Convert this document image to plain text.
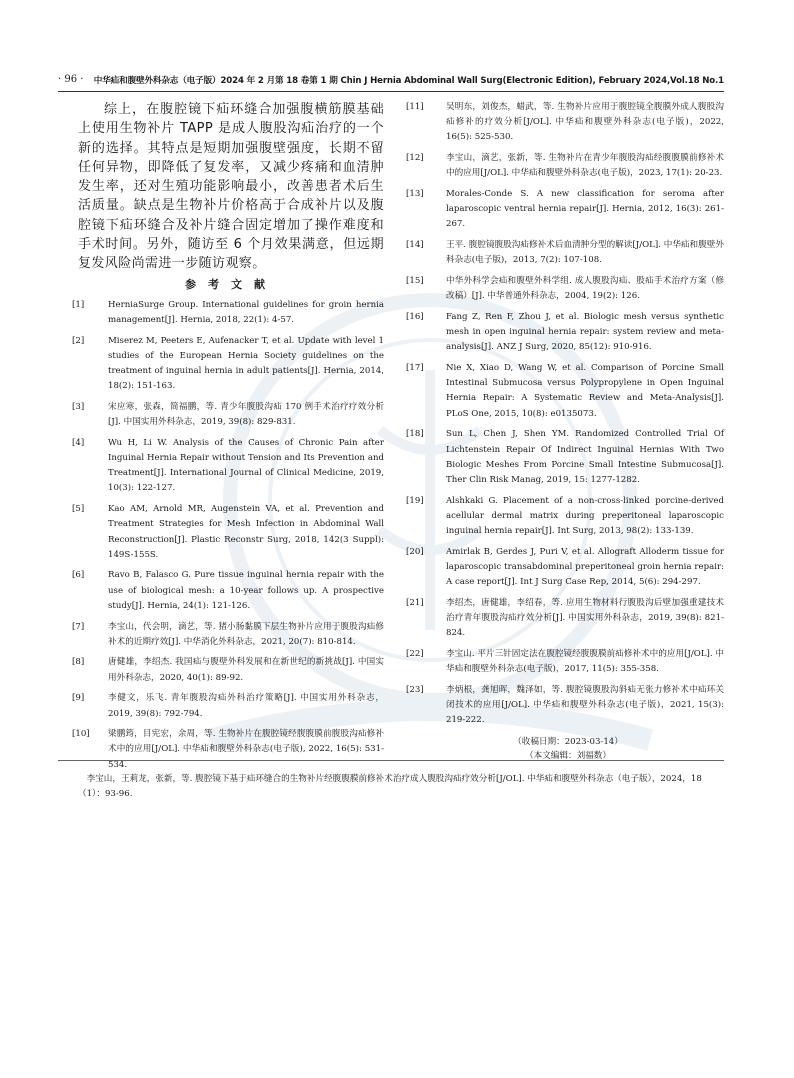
· 96 · 中华疝和腹壁外科杂志（电子版）2024 年 2 月第 18 卷第 1 期 Chin J Hernia Abdominal Wall Surg(Electronic Edition), February 2024,Vol.18 No.1

综上，在腹腔镜下疝环缝合加强腹横筋膜基础上使用生物补片 TAPP 是成人腹股沟疝治疗的一个新的选择。其特点是短期加强腹壁强度，长期不留任何异物，即降低了复发率，又减少疼痛和血清肿发生率，还对生殖功能影响最小，改善患者术后生活质量。缺点是生物补片价格高于合成补片以及腹腔镜下疝环缝合及补片缝合固定增加了操作难度和手术时间。另外，随访至 6 个月效果满意，但远期复发风险尚需进一步随访观察。

参考文献
[1]	HerniaSurge Group. International guidelines for groin hernia management[J]. Hernia, 2018, 22(1): 4-57.
[2]	Miserez M, Peeters E, Aufenacker T, et al. Update with level 1 studies of the European Hernia Society guidelines on the treatment of inguinal hernia in adult patients[J]. Hernia, 2014, 18(2): 151-163.
[3]	宋应寒，张森，简福鹏，等. 青少年腹股沟疝 170 例手术治疗疗效分析[J]. 中国实用外科杂志，2019, 39(8): 829-831.
[4]	Wu H, Li W. Analysis of the Causes of Chronic Pain after Inguinal Hernia Repair without Tension and Its Prevention and Treatment[J]. International Journal of Clinical Medicine, 2019, 10(3): 122-127.
[5]	Kao AM, Arnold MR, Augenstein VA, et al. Prevention and Treatment Strategies for Mesh Infection in Abdominal Wall Reconstruction[J]. Plastic Reconstr Surg, 2018, 142(3 Suppl): 149S-155S.
[6]	Ravo B, Falasco G. Pure tissue inguinal hernia repair with the use of biological mesh: a 10-year follows up. A prospective study[J]. Hernia, 24(1): 121-126.
[7]	李宝山，代会明，滴艺，等. 猪小肠黏膜下层生物补片应用于腹股沟疝修补术的近期疗效[J]. 中华消化外科杂志，2021, 20(7): 810-814.
[8]	唐健雄，李绍杰. 我国疝与腹壁外科发展和在新世纪的新挑战[J]. 中国实用外科杂志，2020, 40(1): 89-92.
[9]	李健文，乐飞. 青年腹股沟疝外科治疗策略[J]. 中国实用外科杂志，2019, 39(8): 792-794.
[10]	梁鹏筠，目宪宏，余周，等. 生物补片在腹腔镜经腹腹膜前腹股沟疝修补术中的应用[J/OL]. 中华疝和腹壁外科杂志(电子版), 2022, 16(5): 531-534.
[11]	吴明东，刘俊杰，蜡武，等. 生物补片应用于腹腔镜全腹膜外成人腹股沟疝修补的疗效分析[J/OL]. 中华疝和腹壁外科杂志(电子版)，2022, 16(5): 525-530.
[12]	李宝山，滴艺，张新，等. 生物补片在青少年腹股沟疝经腹腹膜前修补术中的应用[J/OL]. 中华疝和腹壁外科杂志(电子版)，2023, 17(1): 20-23.
[13]	Morales-Conde S. A new classification for seroma after laparoscopic ventral hernia repair[J]. Hernia, 2012, 16(3): 261-267.
[14]	王平. 腹腔镜腹股沟疝修补术后血清肿分型的解读[J/OL]. 中华疝和腹壁外科杂志(电子版)，2013, 7(2): 107-108.
[15]	中华外科学会疝和腹壁外科学组. 成人腹股沟疝、股疝手术治疗方案（修改稿）[J]. 中华普通外科杂志，2004, 19(2): 126.
[16]	Fang Z, Ren F, Zhou J, et al. Biologic mesh versus synthetic mesh in open inguinal hernia repair: system review and meta-analysis[J]. ANZ J Surg, 2020, 85(12): 910-916.
[17]	Nie X, Xiao D, Wang W, et al. Comparison of Porcine Small Intestinal Submucosa versus Polypropylene in Open Inguinal Hernia Repair: A Systematic Review and Meta-Analysis[J]. PLoS One, 2015, 10(8): e0135073.
[18]	Sun L, Chen J, Shen YM. Randomized Controlled Trial Of Lichtenstein Repair Of Indirect Inguinal Hernias With Two Biologic Meshes From Porcine Small Intestine Submucosa[J]. Ther Clin Risk Manag, 2019, 15: 1277-1282.
[19]	Alshkaki G. Placement of a non-cross-linked porcine-derived acellular dermal matrix during preperitoneal laparoscopic inguinal hernia repair[J]. Int Surg, 2013, 98(2): 133-139.
[20]	Amirlak B, Gerdes J, Puri V, et al. Allograft Alloderm tissue for laparoscopic transabdominal preperitoneal groin hernia repair: A case report[J]. Int J Surg Case Rep, 2014, 5(6): 294-297.
[21]	李绍杰，唐健雄，李绍春，等. 应用生物材料行腹股沟后壁加强重建技术治疗青年腹股沟疝疗效分析[J]. 中国实用外科杂志，2019, 39(8): 821-824.
[22]	李宝山. 平片三针固定法在腹腔镜经腹腹膜前疝修补术中的应用[J/OL]. 中华疝和腹壁外科杂志(电子版)，2017, 11(5): 355-358.
[23]	李炳根，龚旭晖，魏泽如，等. 腹腔镜腹股沟斜疝无张力修补术中疝环关闭技术的应用[J/OL]. 中华疝和腹壁外科杂志(电子版)，2021, 15(3): 219-222.
（收稿日期：2023-03-14）
（本文编辑：刘福数）
李宝山，王莉龙，张新，等. 腹腔镜下基于疝环缝合的生物补片经腹腹膜前修补术治疗成人腹股沟疝疗效分析[J/OL]. 中华疝和腹壁外科杂志（电子版），2024，18（1）：93-96.
